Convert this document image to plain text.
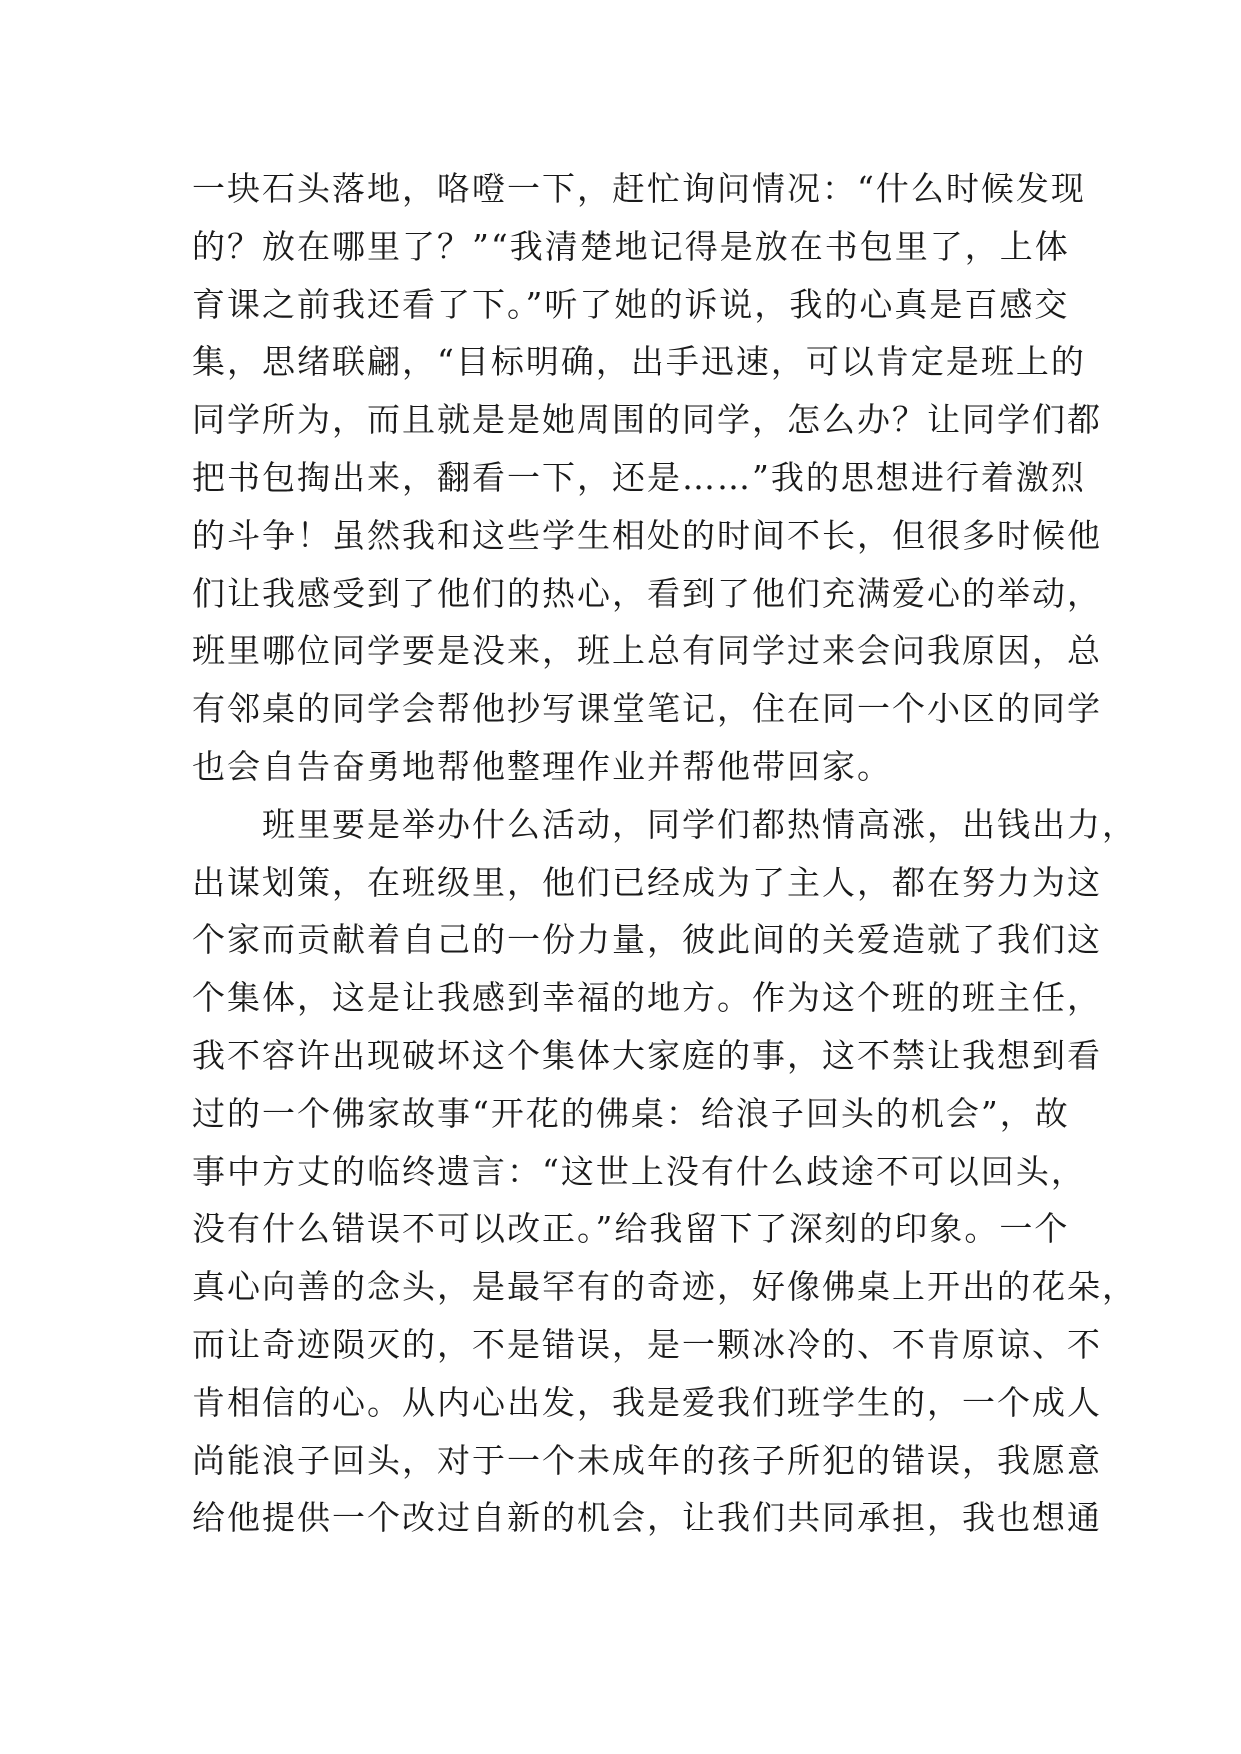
一块石头落地，咯噔一下，赶忙询问情况：“什么时候发现
的？放在哪里了？”“我清楚地记得是放在书包里了，上体
育课之前我还看了下。”听了她的诉说，我的心真是百感交
集，思绪联翩，“目标明确，出手迅速，可以肯定是班上的
同学所为，而且就是是她周围的同学，怎么办？让同学们都
把书包掏出来，翻看一下，还是……”我的思想进行着激烈
的斗争！虽然我和这些学生相处的时间不长，但很多时候他
们让我感受到了他们的热心，看到了他们充满爱心的举动，
班里哪位同学要是没来，班上总有同学过来会问我原因，总
有邻桌的同学会帮他抄写课堂笔记，住在同一个小区的同学
也会自告奋勇地帮他整理作业并帮他带回家。
　　班里要是举办什么活动，同学们都热情高涨，出钱出力，
出谋划策，在班级里，他们已经成为了主人，都在努力为这
个家而贡献着自己的一份力量，彼此间的关爱造就了我们这
个集体，这是让我感到幸福的地方。作为这个班的班主任，
我不容许出现破坏这个集体大家庭的事，这不禁让我想到看
过的一个佛家故事“开花的佛桌：给浪子回头的机会”，故
事中方丈的临终遗言：“这世上没有什么歧途不可以回头，
没有什么错误不可以改正。”给我留下了深刻的印象。一个
真心向善的念头，是最罕有的奇迹，好像佛桌上开出的花朵，
而让奇迹陨灭的，不是错误，是一颗冰冷的、不肯原谅、不
肯相信的心。从内心出发，我是爱我们班学生的，一个成人
尚能浪子回头，对于一个未成年的孩子所犯的错误，我愿意
给他提供一个改过自新的机会，让我们共同承担，我也想通
